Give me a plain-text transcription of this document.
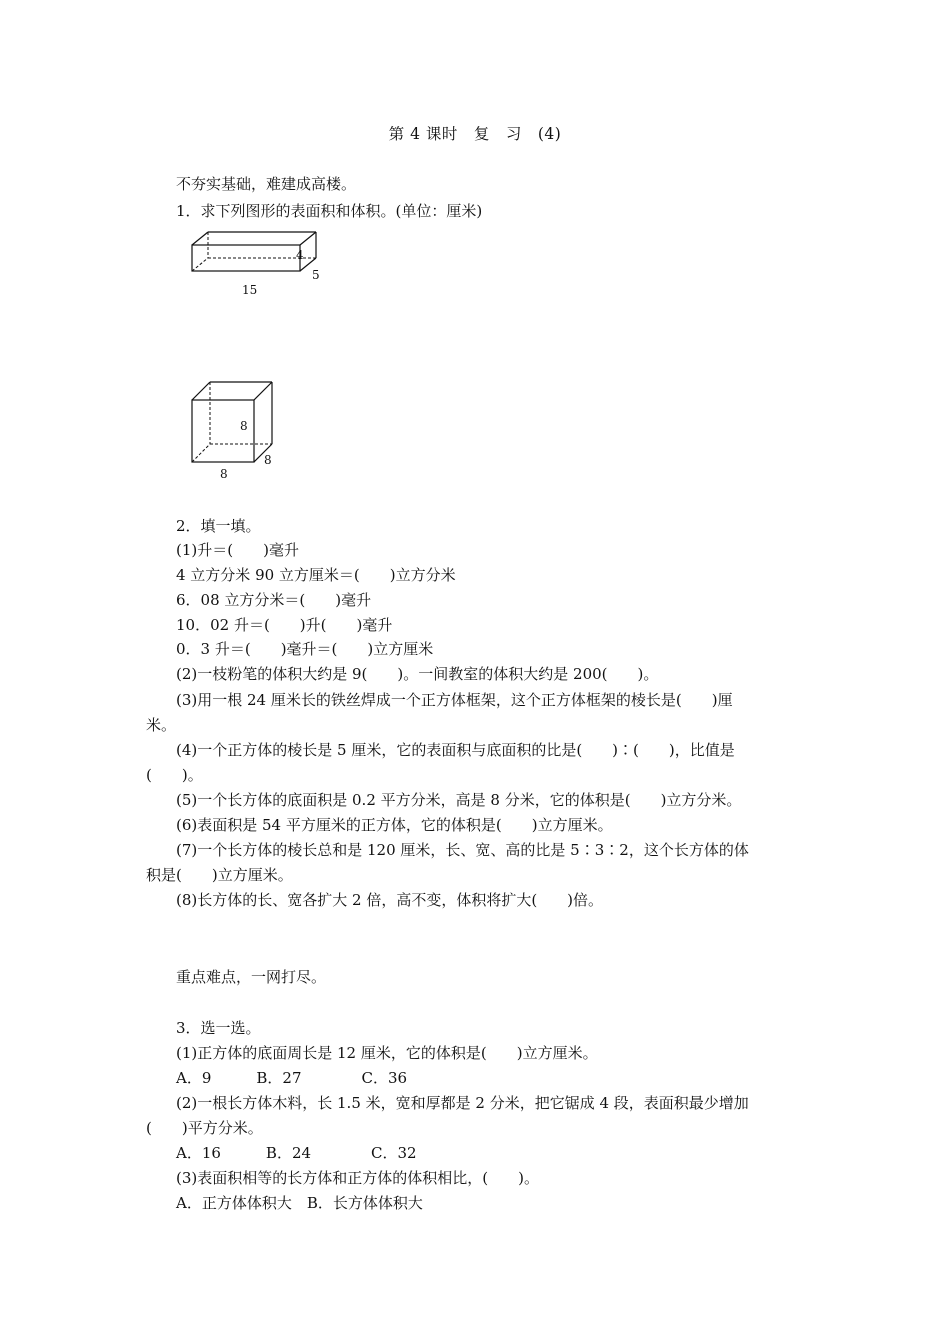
第 4 课时　复　习　(4)
不夯实基础，难建成高楼。
1．求下列图形的表面积和体积。(单位：厘米)
4
5
15
8
8
8
2．填一填。
(1)升＝(　　)毫升
4 立方分米 90 立方厘米＝(　　)立方分米
6．08 立方分米＝(　　)毫升
10．02 升＝(　　)升(　　)毫升
0．3 升＝(　　)毫升＝(　　)立方厘米
(2)一枝粉笔的体积大约是 9(　　)。一间教室的体积大约是 200(　　)。
(3)用一根 24 厘米长的铁丝焊成一个正方体框架，这个正方体框架的棱长是(　　)厘
米。
(4)一个正方体的棱长是 5 厘米，它的表面积与底面积的比是(　　)∶(　　)，比值是
(　　)。
(5)一个长方体的底面积是 0.2 平方分米，高是 8 分米，它的体积是(　　)立方分米。
(6)表面积是 54 平方厘米的正方体，它的体积是(　　)立方厘米。
(7)一个长方体的棱长总和是 120 厘米，长、宽、高的比是 5∶3∶2，这个长方体的体
积是(　　)立方厘米。
(8)长方体的长、宽各扩大 2 倍，高不变，体积将扩大(　　)倍。
重点难点，一网打尽。
3．选一选。
(1)正方体的底面周长是 12 厘米，它的体积是(　　)立方厘米。
A．9　　　B．27　　　　C．36
(2)一根长方体木料，长 1.5 米，宽和厚都是 2 分米，把它锯成 4 段，表面积最少增加
(　　)平方分米。
A．16　　　B．24　　　　C．32
(3)表面积相等的长方体和正方体的体积相比，(　　)。
A．正方体体积大　B．长方体体积大
